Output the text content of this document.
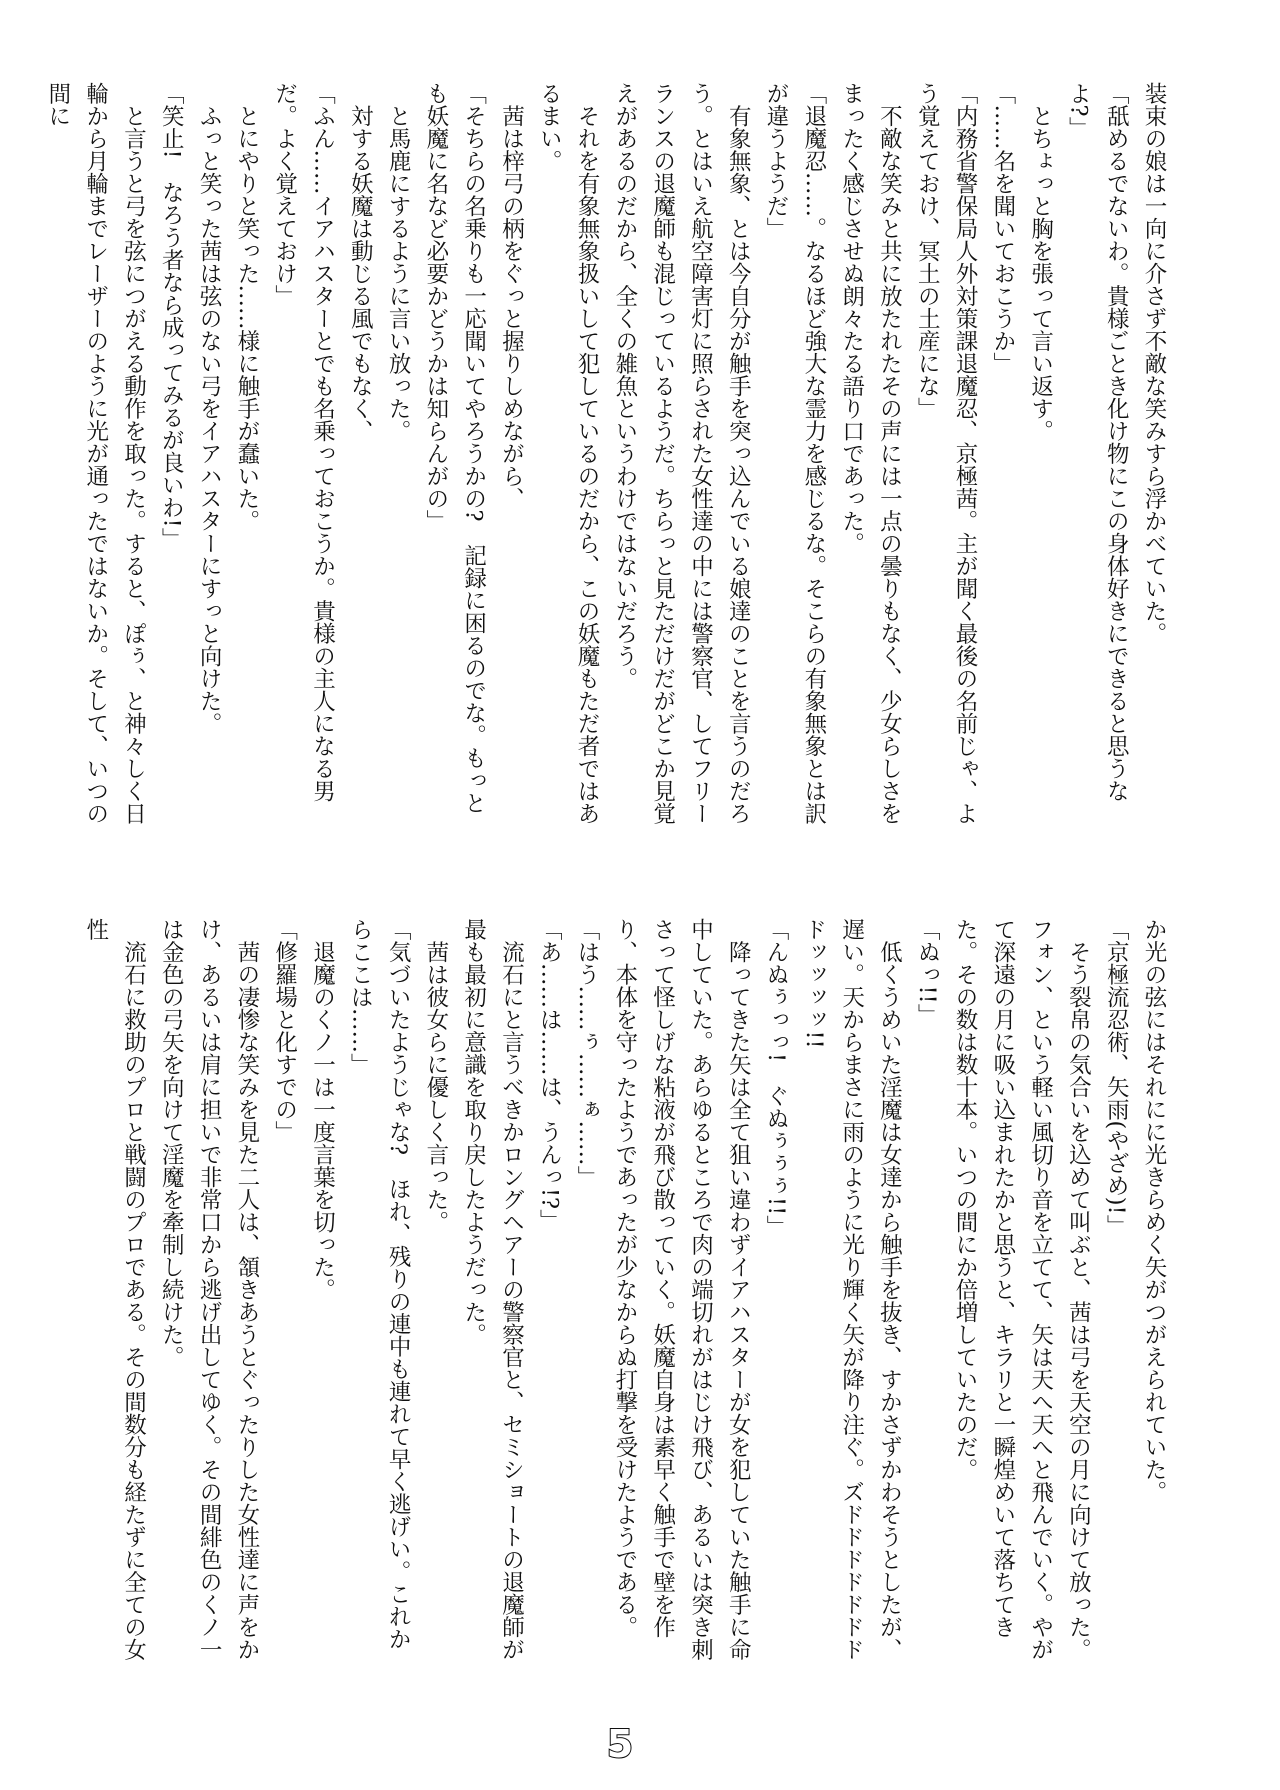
装束の娘は一向に介さず不敵な笑みすら浮かべていた。
「舐めるでないわ。貴様ごとき化け物にこの身体好きにできると思うなよ?」
　とちょっと胸を張って言い返す。
「……名を聞いておこうか」
「内務省警保局人外対策課退魔忍、京極茜。主が聞く最後の名前じゃ、よう覚えておけ、冥土の土産にな」
　不敵な笑みと共に放たれたその声には一点の曇りもなく、少女らしさをまったく感じさせぬ朗々たる語り口であった。
「退魔忍……。なるほど強大な霊力を感じるな。そこらの有象無象とは訳が違うようだ」
　有象無象、とは今自分が触手を突っ込んでいる娘達のことを言うのだろう。とはいえ航空障害灯に照らされた女性達の中には警察官、してフリーランスの退魔師も混じっているようだ。ちらっと見ただけだがどこか見覚えがあるのだから、全くの雑魚というわけではないだろう。
　それを有象無象扱いして犯しているのだから、この妖魔もただ者ではあるまい。
　茜は梓弓の柄をぐっと握りしめながら、
「そちらの名乗りも一応聞いてやろうかの?　記録に困るのでな。もっとも妖魔に名など必要かどうかは知らんがの」
　と馬鹿にするように言い放った。
　対する妖魔は動じる風でもなく、
「ふん……イアハスターとでも名乗っておこうか。貴様の主人になる男だ。よく覚えておけ」
　とにやりと笑った……様に触手が蠢いた。
　ふっと笑った茜は弦のない弓をイアハスターにすっと向けた。
「笑止!　なろう者なら成ってみるが良いわ!」
　と言うと弓を弦につがえる動作を取った。すると、ぽぅ、と神々しく日輪から月輪までレーザーのように光が通ったではないか。そして、いつの間に
か光の弦にはそれにに光きらめく矢がつがえられていた。
「京極流忍術、矢雨(やざめ)!」
　そう裂帛の気合いを込めて叫ぶと、茜は弓を天空の月に向けて放った。フォン、という軽い風切り音を立てて、矢は天へ天へと飛んでいく。やがて深遠の月に吸い込まれたかと思うと、キラリと一瞬煌めいて落ちてきた。その数は数十本。いつの間にか倍増していたのだ。
「ぬっ!!」
　低くうめいた淫魔は女達から触手を抜き、すかさずかわそうとしたが、遅い。天からまさに雨のように光り輝く矢が降り注ぐ。ズドドドドドドドドッッッッ!!
「んぬぅっっ!　ぐぬぅぅぅ!!」
　降ってきた矢は全て狙い違わずイアハスターが女を犯していた触手に命中していた。あらゆるところで肉の端切れがはじけ飛び、あるいは突き刺さって怪しげな粘液が飛び散っていく。妖魔自身は素早く触手で壁を作り、本体を守ったようであったが少なからぬ打撃を受けたようである。
「はう……ぅ……ぁ……」
「あ……は……は、うんっ!?」
　流石にと言うべきかロングヘアーの警察官と、セミショートの退魔師が最も最初に意識を取り戻したようだった。
　茜は彼女らに優しく言った。
「気づいたようじゃな?　ほれ、残りの連中も連れて早く逃げい。これからここは……」
　退魔のくノ一は一度言葉を切った。
「修羅場と化すでの」
　茜の凄惨な笑みを見た二人は、頷きあうとぐったりした女性達に声をかけ、あるいは肩に担いで非常口から逃げ出してゆく。その間緋色のくノ一は金色の弓矢を向けて淫魔を牽制し続けた。
　流石に救助のプロと戦闘のプロである。その間数分も経たずに全ての女性
5
